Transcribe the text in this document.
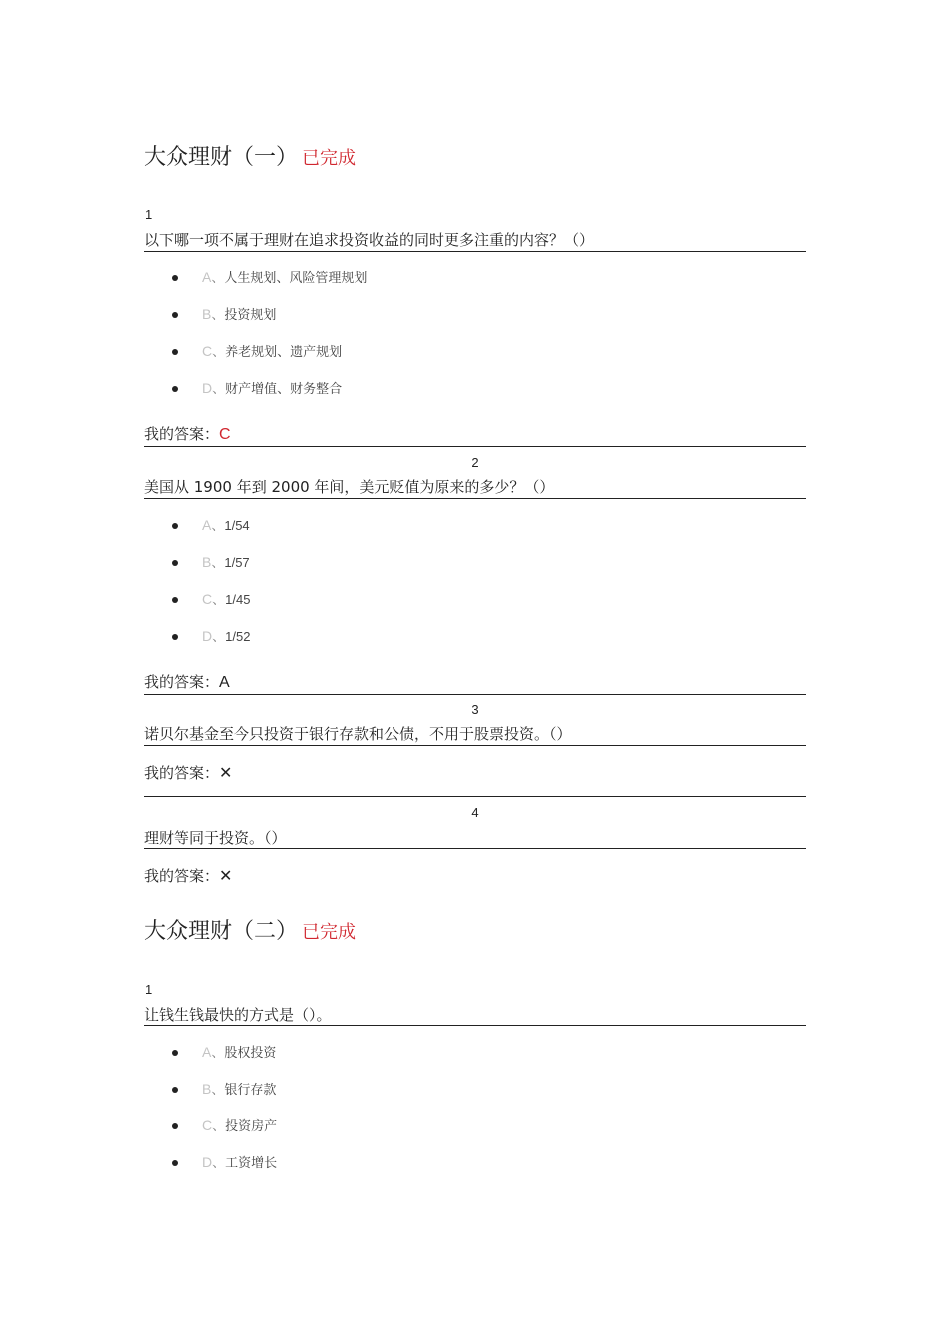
大众理财（一） 已完成
1
以下哪一项不属于理财在追求投资收益的同时更多注重的内容？（）
A、人生规划、风险管理规划
B、投资规划
C、养老规划、遗产规划
D、财产增值、财务整合
我的答案：C
2
美国从 1900 年到 2000 年间，美元贬值为原来的多少？（）
A、1/54
B、1/57
C、1/45
D、1/52
我的答案：A
3
诺贝尔基金至今只投资于银行存款和公债，不用于股票投资。（）
我的答案：✕
4
理财等同于投资。（）
我的答案：✕
大众理财（二） 已完成
1
让钱生钱最快的方式是（）。
A、股权投资
B、银行存款
C、投资房产
D、工资增长
